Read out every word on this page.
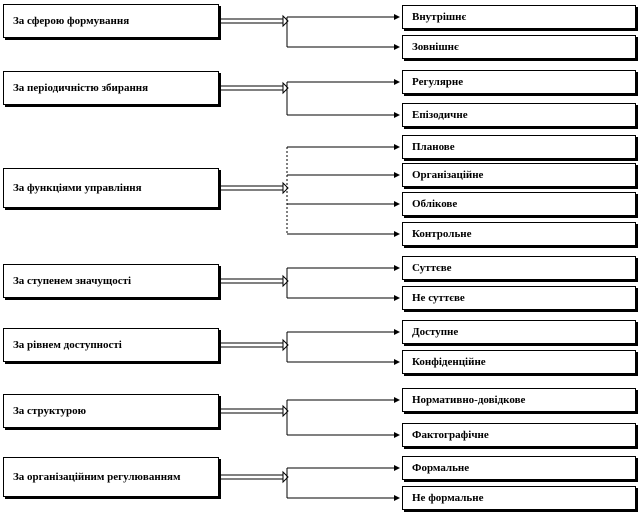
За сферою формування	Внутрішнє
Зовнішнє
За періодичністю збирання	Регулярне
Епізодичне
За функціями управління
Планове
Організаційне
Облікове
Контрольне
За ступенем значущості
Суттєве
Не суттєве
За рівнем доступності
Доступне
Конфіденційне
За структурою
Нормативно-довідкове
Фактографічне
За організаційним регулюванням
Формальне
Не формальне
